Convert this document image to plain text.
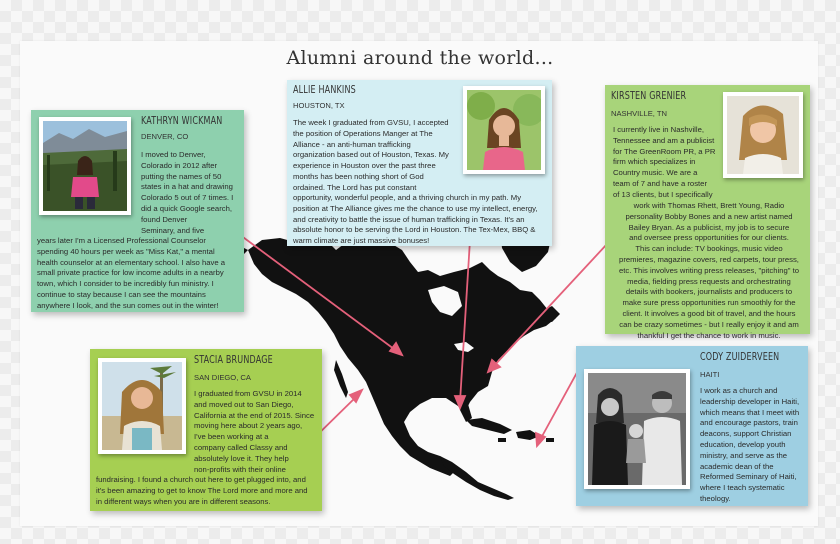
Alumni around the world...
KATHRYN WICKMAN
DENVER, CO

I moved to Denver,

Colorado in 2012 after

putting the names of 50

states in a hat and drawing

Colorado 5 out of 7 times. I

did a quick Google search,

found Denver

Seminary, and five

years later I'm a Licensed Professional Counselor

spending 40 hours per week as "Miss Kat," a mental

health counselor at an elementary school. I also have a

small private practice for low income adults in a nearby

town, which I consider to be incredibly fun ministry. I

continue to stay because I can see the mountains

anywhere I look, and the sun comes out in the winter!

ALLIE HANKINS
HOUSTON, TX

The week I graduated from GVSU, I accepted

the position of Operations Manger at The

Alliance - an anti-human trafficking

organization based out of Houston, Texas. My

experience in Houston over the past three

months has been nothing short of God

ordained. The Lord has put constant

opportunity, wonderful people, and a thriving church in my path. My

position at The Alliance gives me the chance to use my intellect, energy,

and creativity to battle the issue of human trafficking in Texas. It's an

absolute honor to be serving the Lord in Houston. The Tex-Mex, BBQ &

warm climate are just massive bonuses!

KIRSTEN GRENIER
NASHVILLE, TN

I currently live in Nashville,

Tennessee and am a publicist

for The GreenRoom PR, a PR

firm which specializes in

Country music. We are a

team of 7 and have a roster

of 13 clients, but I specifically

work with Thomas Rhett, Brett Young, Radio

personality Bobby Bones and a new artist named

Bailey Bryan. As a publicist, my job is to secure

and oversee press opportunities for our clients.

This can include: TV bookings, music video

premieres, magazine covers, red carpets, tour press,

etc. This involves writing press releases, "pitching" to

media, fielding press requests and orchestrating

details with bookers, journalists and producers to

make sure press opportunities run smoothly for the

client. It involves a good bit of travel, and the hours

can be crazy sometimes - but I really enjoy it and am

thankful I get the chance to work in music.

STACIA BRUNDAGE
SAN DIEGO, CA

I graduated from GVSU in 2014

and moved out to San Diego,

California at the end of 2015. Since

moving here about 2 years ago,

I've been working at a

company called Classy and

absolutely love it. They help

non-profits with their online

fundraising. I found a church out here to get plugged into, and

it's been amazing to get to know The Lord more and more and

in different ways when you are in different seasons.

CODY ZUIDERVEEN
HAITI

I work as a church and

leadership developer in Haiti,

which means that I meet with

and encourage pastors, train

deacons, support Christian

education, develop youth

ministry, and serve as the

academic dean of the

Reformed Seminary of Haiti,

where I teach systematic

theology.
